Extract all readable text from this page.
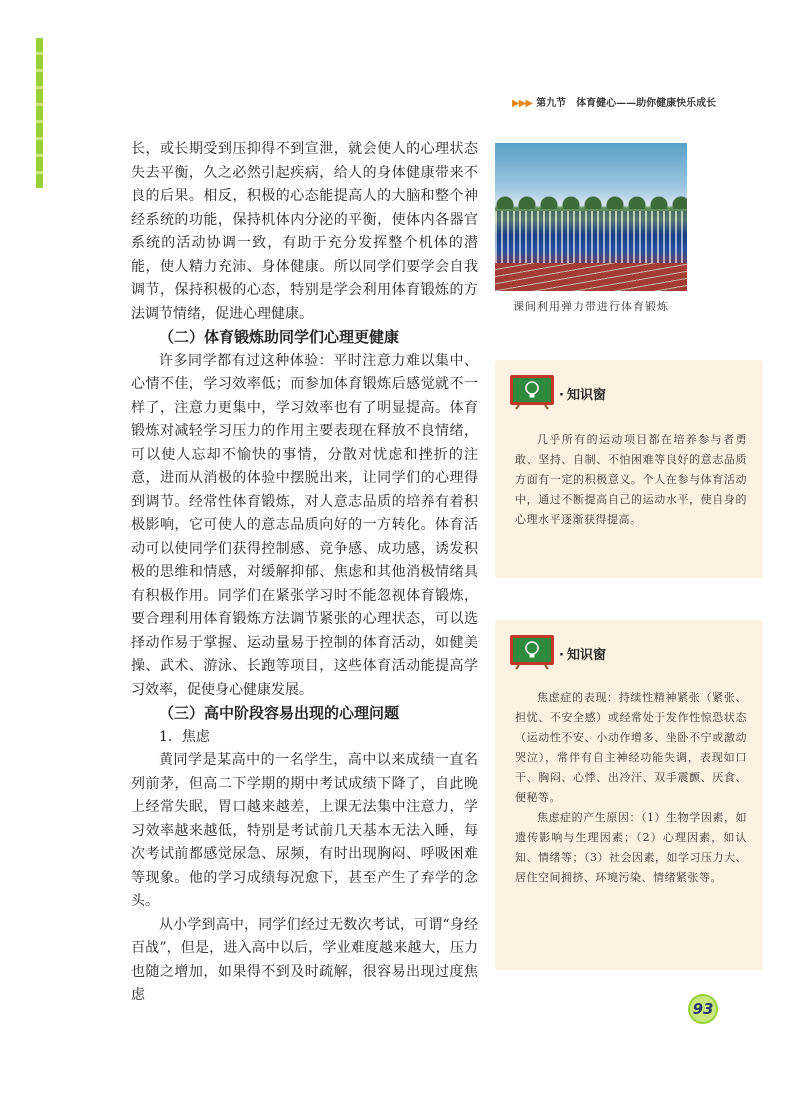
▶▶▶ 第九节 体育健心——助你健康快乐成长

长，或长期受到压抑得不到宣泄，就会使人的心理状态失去平衡，久之必然引起疾病，给人的身体健康带来不良的后果。相反，积极的心态能提高人的大脑和整个神经系统的功能，保持机体内分泌的平衡，使体内各器官系统的活动协调一致，有助于充分发挥整个机体的潜能，使人精力充沛、身体健康。所以同学们要学会自我调节，保持积极的心态，特别是学会利用体育锻炼的方法调节情绪，促进心理健康。

（二）体育锻炼助同学们心理更健康

许多同学都有过这种体验：平时注意力难以集中、心情不佳，学习效率低；而参加体育锻炼后感觉就不一样了，注意力更集中，学习效率也有了明显提高。体育锻炼对减轻学习压力的作用主要表现在释放不良情绪，可以使人忘却不愉快的事情，分散对忧虑和挫折的注意，进而从消极的体验中摆脱出来，让同学们的心理得到调节。经常性体育锻炼，对人意志品质的培养有着积极影响，它可使人的意志品质向好的一方转化。体育活动可以使同学们获得控制感、竞争感、成功感，诱发积极的思维和情感，对缓解抑郁、焦虑和其他消极情绪具有积极作用。同学们在紧张学习时不能忽视体育锻炼，要合理利用体育锻炼方法调节紧张的心理状态，可以选择动作易于掌握、运动量易于控制的体育活动，如健美操、武术、游泳、长跑等项目，这些体育活动能提高学习效率，促使身心健康发展。

（三）高中阶段容易出现的心理问题

1．焦虑

黄同学是某高中的一名学生，高中以来成绩一直名列前茅，但高二下学期的期中考试成绩下降了，自此晚上经常失眠，胃口越来越差，上课无法集中注意力，学习效率越来越低，特别是考试前几天基本无法入睡，每次考试前都感觉尿急、尿频，有时出现胸闷、呼吸困难等现象。他的学习成绩每况愈下，甚至产生了弃学的念头。

从小学到高中，同学们经过无数次考试，可谓“身经百战”，但是，进入高中以后，学业难度越来越大，压力也随之增加，如果得不到及时疏解，很容易出现过度焦虑

课间利用弹力带进行体育锻炼
· 知识窗

几乎所有的运动项目都在培养参与者勇敢、坚持、自制、不怕困难等良好的意志品质方面有一定的积极意义。个人在参与体育活动中，通过不断提高自己的运动水平，使自身的心理水平逐渐获得提高。

· 知识窗

焦虑症的表现：持续性精神紧张（紧张、担忧、不安全感）或经常处于发作性惊恐状态（运动性不安、小动作增多、坐卧不宁或激动哭泣），常伴有自主神经功能失调，表现如口干、胸闷、心悸、出冷汗、双手震颤、厌食、便秘等。

焦虑症的产生原因：（1）生物学因素，如遗传影响与生理因素；（2）心理因素，如认知、情绪等；（3）社会因素，如学习压力大、居住空间拥挤、环境污染、情绪紧张等。

93
